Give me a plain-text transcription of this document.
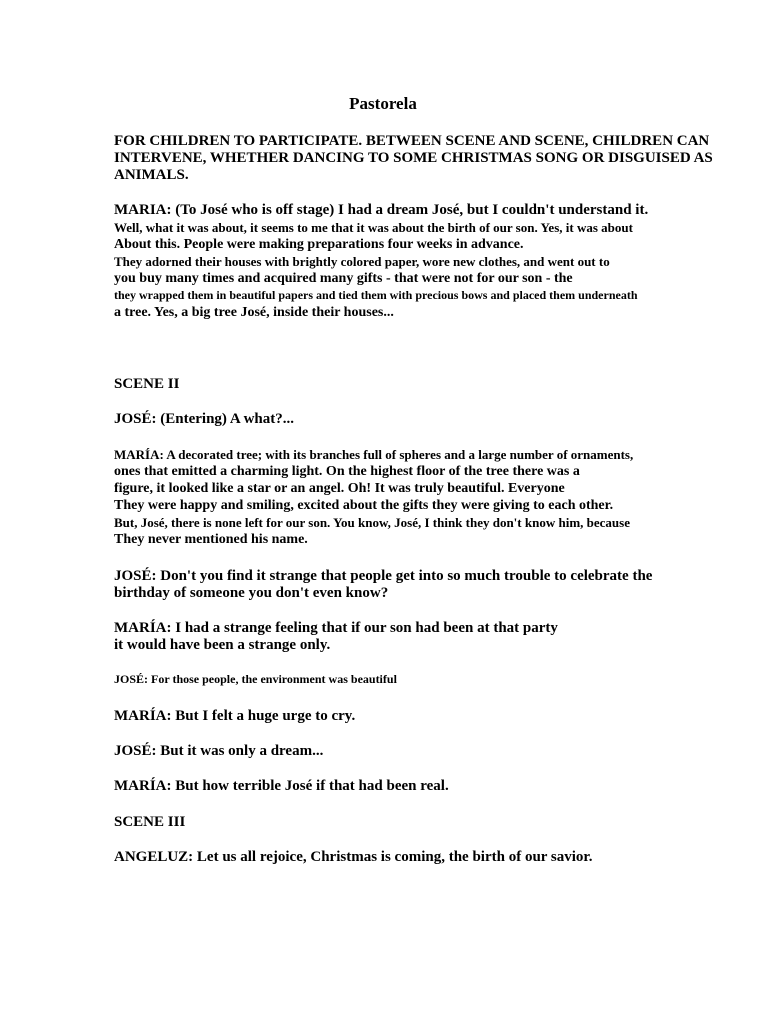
Pastorela
FOR CHILDREN TO PARTICIPATE. BETWEEN SCENE AND SCENE, CHILDREN CAN
INTERVENE, WHETHER DANCING TO SOME CHRISTMAS SONG OR DISGUISED AS
ANIMALS.
MARIA: (To José who is off stage) I had a dream José, but I couldn't understand it.
Well, what it was about, it seems to me that it was about the birth of our son. Yes, it was about
About this. People were making preparations four weeks in advance.
They adorned their houses with brightly colored paper, wore new clothes, and went out to
you buy many times and acquired many gifts - that were not for our son - the
they wrapped them in beautiful papers and tied them with precious bows and placed them underneath
a tree. Yes, a big tree José, inside their houses...
SCENE II
JOSÉ: (Entering) A what?...
MARÍA: A decorated tree; with its branches full of spheres and a large number of ornaments,
ones that emitted a charming light. On the highest floor of the tree there was a
figure, it looked like a star or an angel. Oh! It was truly beautiful. Everyone
They were happy and smiling, excited about the gifts they were giving to each other.
But, José, there is none left for our son. You know, José, I think they don't know him, because
They never mentioned his name.
JOSÉ: Don't you find it strange that people get into so much trouble to celebrate the
birthday of someone you don't even know?
MARÍA: I had a strange feeling that if our son had been at that party
it would have been a strange only.
JOSÉ: For those people, the environment was beautiful
MARÍA: But I felt a huge urge to cry.
JOSÉ: But it was only a dream...
MARÍA: But how terrible José if that had been real.
SCENE III
ANGELUZ: Let us all rejoice, Christmas is coming, the birth of our savior.
